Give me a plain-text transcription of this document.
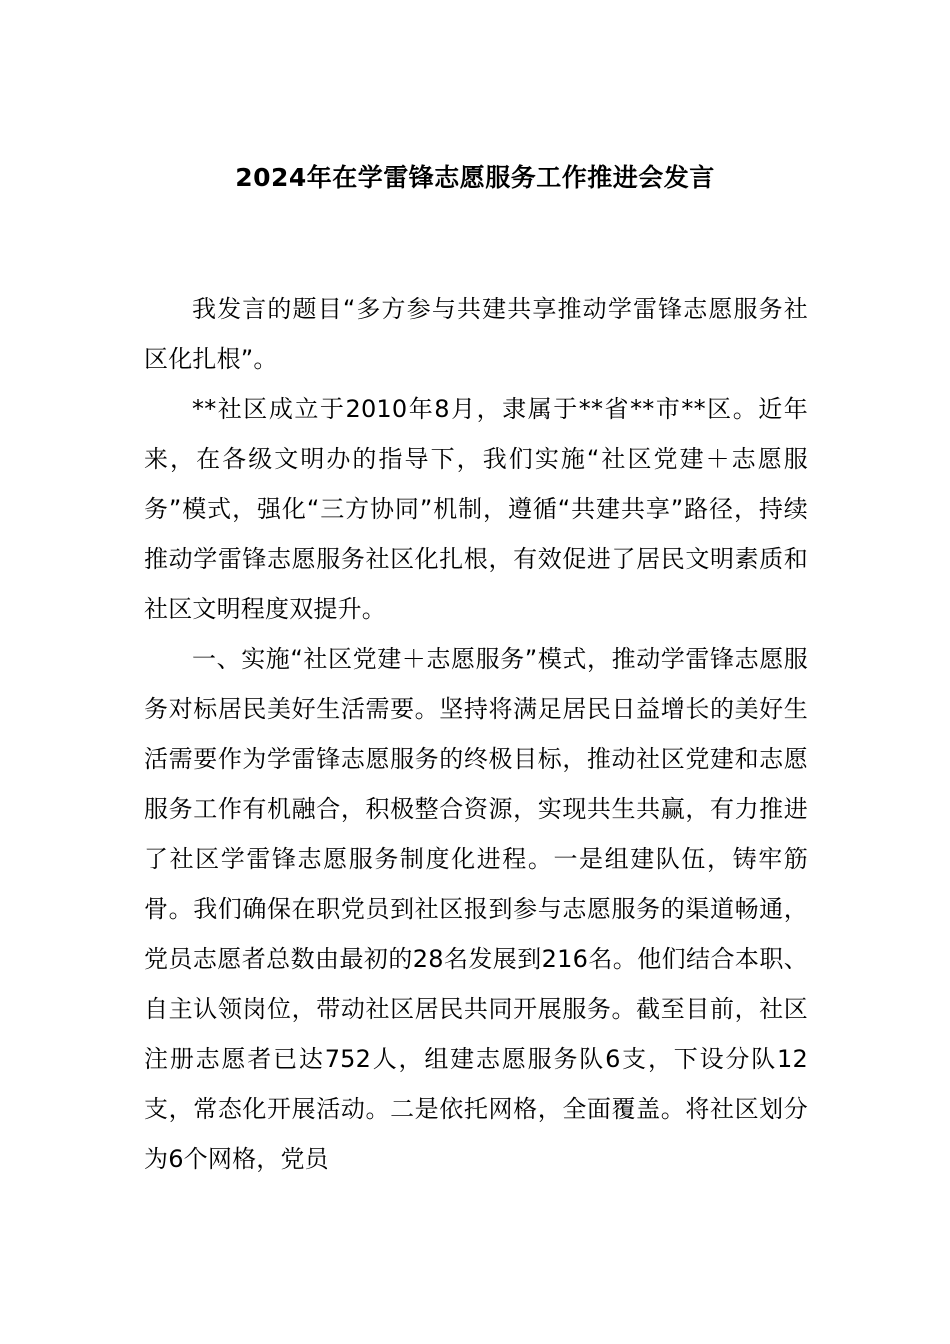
2024年在学雷锋志愿服务工作推进会发言

我发言的题目“多方参与共建共享推动学雷锋志愿服务社区化扎根”。

**社区成立于2010年8月，隶属于**省**市**区。近年来，在各级文明办的指导下，我们实施“社区党建＋志愿服务”模式，强化“三方协同”机制，遵循“共建共享”路径，持续推动学雷锋志愿服务社区化扎根，有效促进了居民文明素质和社区文明程度双提升。

一、实施“社区党建＋志愿服务”模式，推动学雷锋志愿服务对标居民美好生活需要。坚持将满足居民日益增长的美好生活需要作为学雷锋志愿服务的终极目标，推动社区党建和志愿服务工作有机融合，积极整合资源，实现共生共赢，有力推进了社区学雷锋志愿服务制度化进程。一是组建队伍，铸牢筋骨。我们确保在职党员到社区报到参与志愿服务的渠道畅通，党员志愿者总数由最初的28名发展到216名。他们结合本职、自主认领岗位，带动社区居民共同开展服务。截至目前，社区注册志愿者已达752人，组建志愿服务队6支，下设分队12支，常态化开展活动。二是依托网格，全面覆盖。将社区划分为6个网格，党员
